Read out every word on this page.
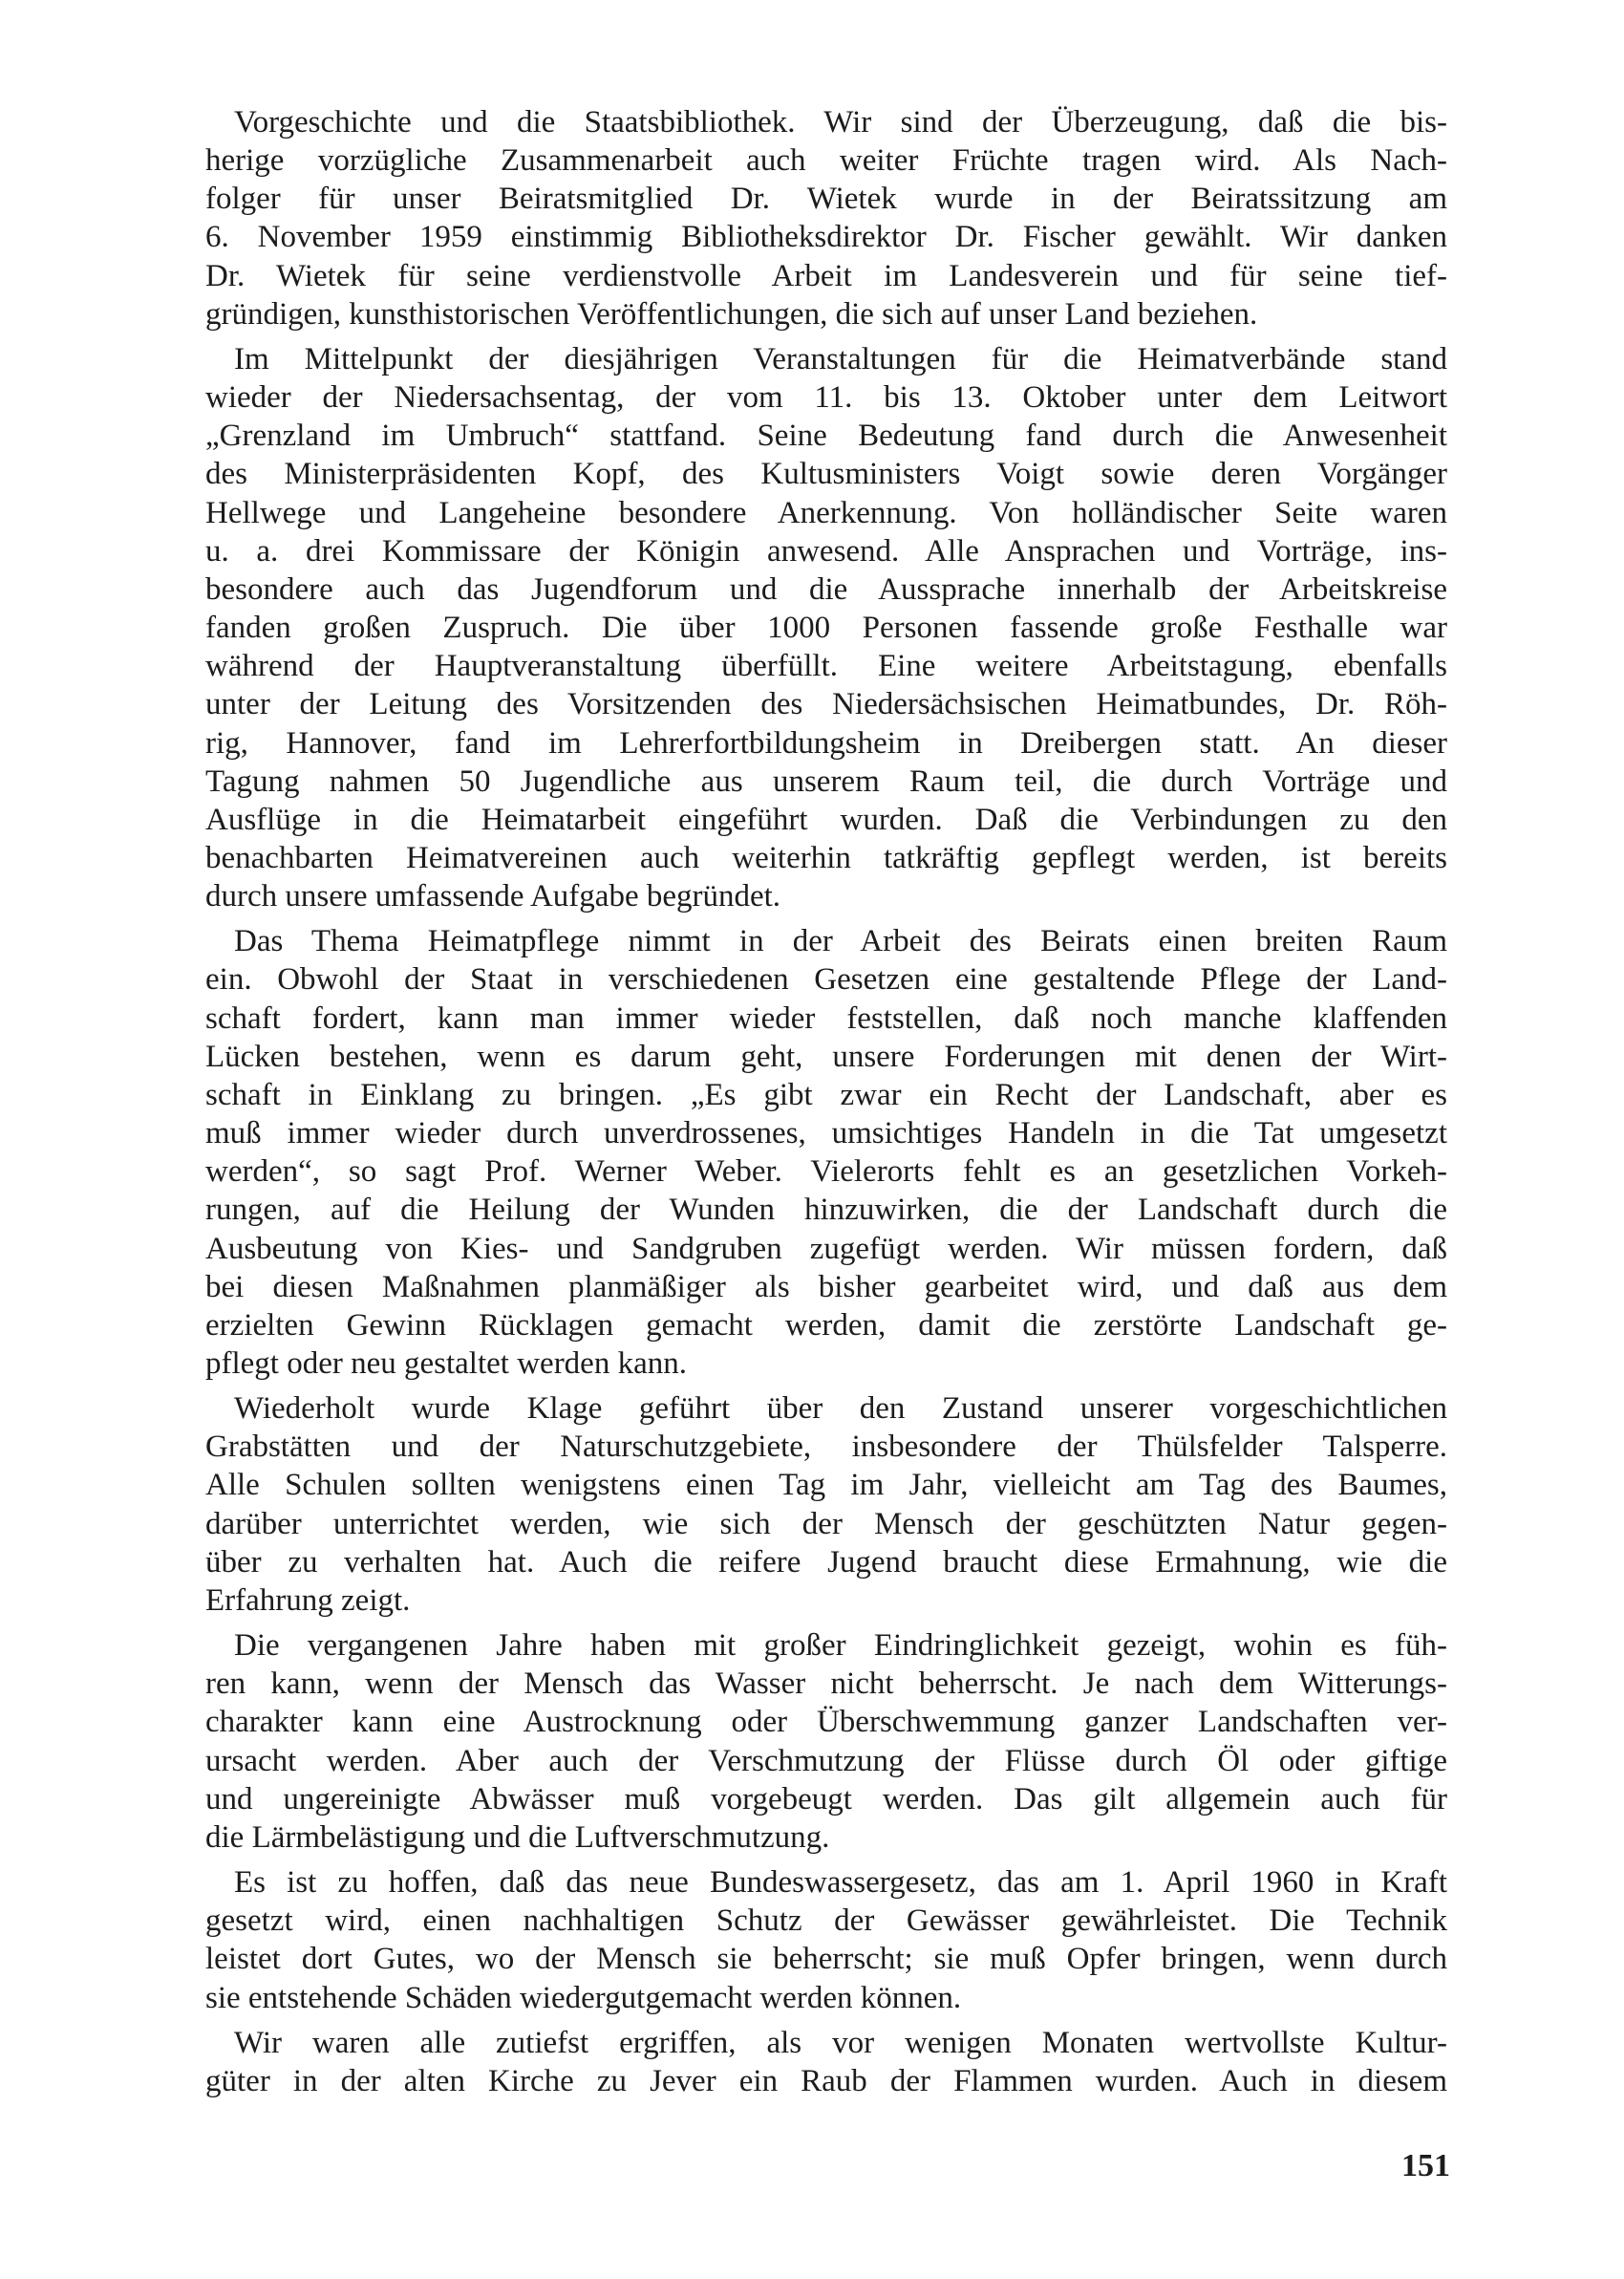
Vorgeschichte und die Staatsbibliothek. Wir sind der Überzeugung, daß die bis-
herige vorzügliche Zusammenarbeit auch weiter Früchte tragen wird. Als Nach-
folger für unser Beiratsmitglied Dr. Wietek wurde in der Beiratssitzung am
6. November 1959 einstimmig Bibliotheksdirektor Dr. Fischer gewählt. Wir danken
Dr. Wietek für seine verdienstvolle Arbeit im Landesverein und für seine tief-
gründigen, kunsthistorischen Veröffentlichungen, die sich auf unser Land beziehen.
Im Mittelpunkt der diesjährigen Veranstaltungen für die Heimatverbände stand
wieder der Niedersachsentag, der vom 11. bis 13. Oktober unter dem Leitwort
„Grenzland im Umbruch“ stattfand. Seine Bedeutung fand durch die Anwesenheit
des Ministerpräsidenten Kopf, des Kultusministers Voigt sowie deren Vorgänger
Hellwege und Langeheine besondere Anerkennung. Von holländischer Seite waren
u. a. drei Kommissare der Königin anwesend. Alle Ansprachen und Vorträge, ins-
besondere auch das Jugendforum und die Aussprache innerhalb der Arbeitskreise
fanden großen Zuspruch. Die über 1000 Personen fassende große Festhalle war
während der Hauptveranstaltung überfüllt. Eine weitere Arbeitstagung, ebenfalls
unter der Leitung des Vorsitzenden des Niedersächsischen Heimatbundes, Dr. Röh-
rig, Hannover, fand im Lehrerfortbildungsheim in Dreibergen statt. An dieser
Tagung nahmen 50 Jugendliche aus unserem Raum teil, die durch Vorträge und
Ausflüge in die Heimatarbeit eingeführt wurden. Daß die Verbindungen zu den
benachbarten Heimatvereinen auch weiterhin tatkräftig gepflegt werden, ist bereits
durch unsere umfassende Aufgabe begründet.
Das Thema Heimatpflege nimmt in der Arbeit des Beirats einen breiten Raum
ein. Obwohl der Staat in verschiedenen Gesetzen eine gestaltende Pflege der Land-
schaft fordert, kann man immer wieder feststellen, daß noch manche klaffenden
Lücken bestehen, wenn es darum geht, unsere Forderungen mit denen der Wirt-
schaft in Einklang zu bringen. „Es gibt zwar ein Recht der Landschaft, aber es
muß immer wieder durch unverdrossenes, umsichtiges Handeln in die Tat umgesetzt
werden“, so sagt Prof. Werner Weber. Vielerorts fehlt es an gesetzlichen Vorkeh-
rungen, auf die Heilung der Wunden hinzuwirken, die der Landschaft durch die
Ausbeutung von Kies- und Sandgruben zugefügt werden. Wir müssen fordern, daß
bei diesen Maßnahmen planmäßiger als bisher gearbeitet wird, und daß aus dem
erzielten Gewinn Rücklagen gemacht werden, damit die zerstörte Landschaft ge-
pflegt oder neu gestaltet werden kann.
Wiederholt wurde Klage geführt über den Zustand unserer vorgeschichtlichen
Grabstätten und der Naturschutzgebiete, insbesondere der Thülsfelder Talsperre.
Alle Schulen sollten wenigstens einen Tag im Jahr, vielleicht am Tag des Baumes,
darüber unterrichtet werden, wie sich der Mensch der geschützten Natur gegen-
über zu verhalten hat. Auch die reifere Jugend braucht diese Ermahnung, wie die
Erfahrung zeigt.
Die vergangenen Jahre haben mit großer Eindringlichkeit gezeigt, wohin es füh-
ren kann, wenn der Mensch das Wasser nicht beherrscht. Je nach dem Witterungs-
charakter kann eine Austrocknung oder Überschwemmung ganzer Landschaften ver-
ursacht werden. Aber auch der Verschmutzung der Flüsse durch Öl oder giftige
und ungereinigte Abwässer muß vorgebeugt werden. Das gilt allgemein auch für
die Lärmbelästigung und die Luftverschmutzung.
Es ist zu hoffen, daß das neue Bundeswassergesetz, das am 1. April 1960 in Kraft
gesetzt wird, einen nachhaltigen Schutz der Gewässer gewährleistet. Die Technik
leistet dort Gutes, wo der Mensch sie beherrscht; sie muß Opfer bringen, wenn durch
sie entstehende Schäden wiedergutgemacht werden können.
Wir waren alle zutiefst ergriffen, als vor wenigen Monaten wertvollste Kultur-
güter in der alten Kirche zu Jever ein Raub der Flammen wurden. Auch in diesem
151
